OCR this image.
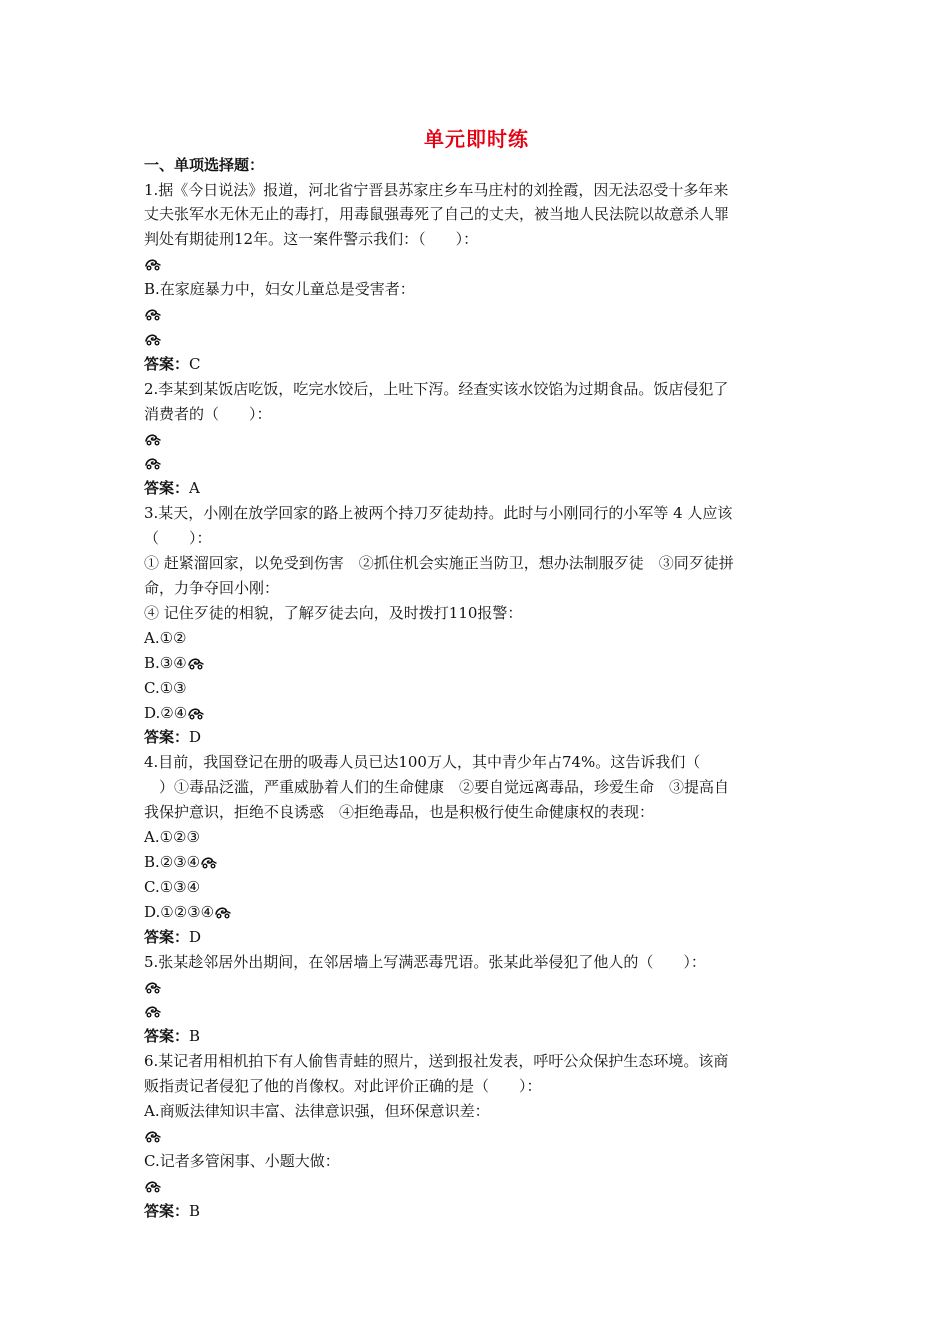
单元即时练
一、单项选择题：
1.据《今日说法》报道，河北省宁晋县苏家庄乡车马庄村的刘拴霞，因无法忍受十多年来
丈夫张军水无休无止的毒打，用毒鼠强毒死了自己的丈夫，被当地人民法院以故意杀人罪
判处有期徒刑12年。这一案件警示我们：（　　）：
B.在家庭暴力中，妇女儿童总是受害者：
答案：C
2.李某到某饭店吃饭，吃完水饺后，上吐下泻。经查实该水饺馅为过期食品。饭店侵犯了
消费者的（　　）：
答案：A
3.某天，小刚在放学回家的路上被两个持刀歹徒劫持。此时与小刚同行的小军等 4 人应该
（　　）：
① 赶紧溜回家，以免受到伤害　②抓住机会实施正当防卫，想办法制服歹徒　③同歹徒拼
命，力争夺回小刚：
④ 记住歹徒的相貌，了解歹徒去向，及时拨打110报警：
A.①②
B.③④
C.①③
D.②④
答案：D
4.目前，我国登记在册的吸毒人员已达100万人，其中青少年占74%。这告诉我们（
　）①毒品泛滥，严重威胁着人们的生命健康　②要自觉远离毒品，珍爱生命　③提高自
我保护意识，拒绝不良诱惑　④拒绝毒品，也是积极行使生命健康权的表现：
A.①②③
B.②③④
C.①③④
D.①②③④
答案：D
5.张某趁邻居外出期间，在邻居墙上写满恶毒咒语。张某此举侵犯了他人的（　　）：
答案：B
6.某记者用相机拍下有人偷售青蛙的照片，送到报社发表，呼吁公众保护生态环境。该商
贩指责记者侵犯了他的肖像权。对此评价正确的是（　　）：
A.商贩法律知识丰富、法律意识强，但环保意识差：
C.记者多管闲事、小题大做：
答案：B
